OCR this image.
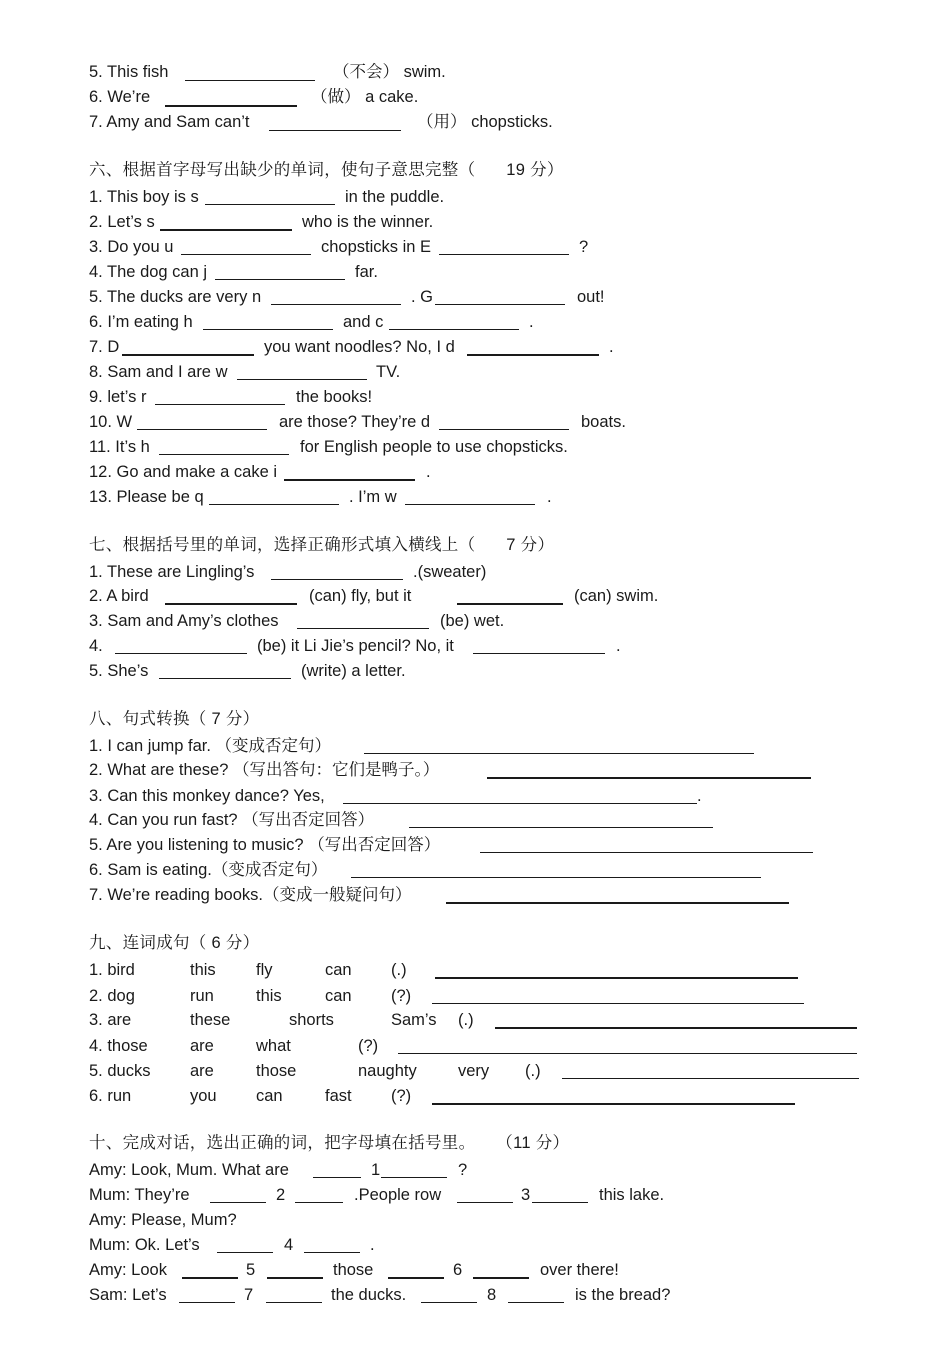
5. This fish	（不会） swim.
6. We’re	（做） a cake.
7. Amy and Sam can’t	（用） chopsticks.
六、根据首字母写出缺少的单词，使句子意思完整（ 19 分）
1. This boy is s	in the puddle.
2. Let’s s	who is the winner.
3. Do you u	chopsticks in E	?
4. The dog can j	far.
5. The ducks are very n	. G	out!
6. I’m eating h	and c	.
7. D	you want noodles? No, I d	.
8. Sam and I are w	TV.
9. let’s r	the books!
10. W	are those? They’re d	boats.
11. It’s h	for English people to use chopsticks.
12. Go and make a cake i	.
13. Please be q	. I’m w	.
七、根据括号里的单词，选择正确形式填入横线上（ 7 分）
1. These are Lingling’s	.(sweater)
2. A bird	(can) fly, but it	(can) swim.
3. Sam and Amy’s clothes	(be) wet.
4.	(be) it Li Jie’s pencil? No, it	.
5. She’s	(write) a letter.
八、句式转换（ 7 分）
1. I can jump far. （变成否定句）
2. What are these? （写出答句：它们是鸭子。）
3. Can this monkey dance? Yes,	.
4. Can you run fast? （写出否定回答）
5. Are you listening to music? （写出否定回答）
6. Sam is eating.（变成否定句）
7. We’re reading books.（变成一般疑问句）
九、连词成句（ 6 分）
1. bird	this fly	can (.)
2. dog	run	this	can (?)
3. are	these	shorts	Sam’s (.)
4. those	are	what	(?)
5. ducks are	those	naughty	very (.)
6. run	you can	fast (?)
十、完成对话，选出正确的词，把字母填在括号里。 （11 分）
Amy: Look, Mum. What are	1	?
Mum: They’re	2	.People row	3	this lake.
Amy: Please, Mum?
Mum: Ok. Let’s	4	.
Amy: Look	5	those	6	over there!
Sam: Let’s	7	the ducks.	8	is the bread?
